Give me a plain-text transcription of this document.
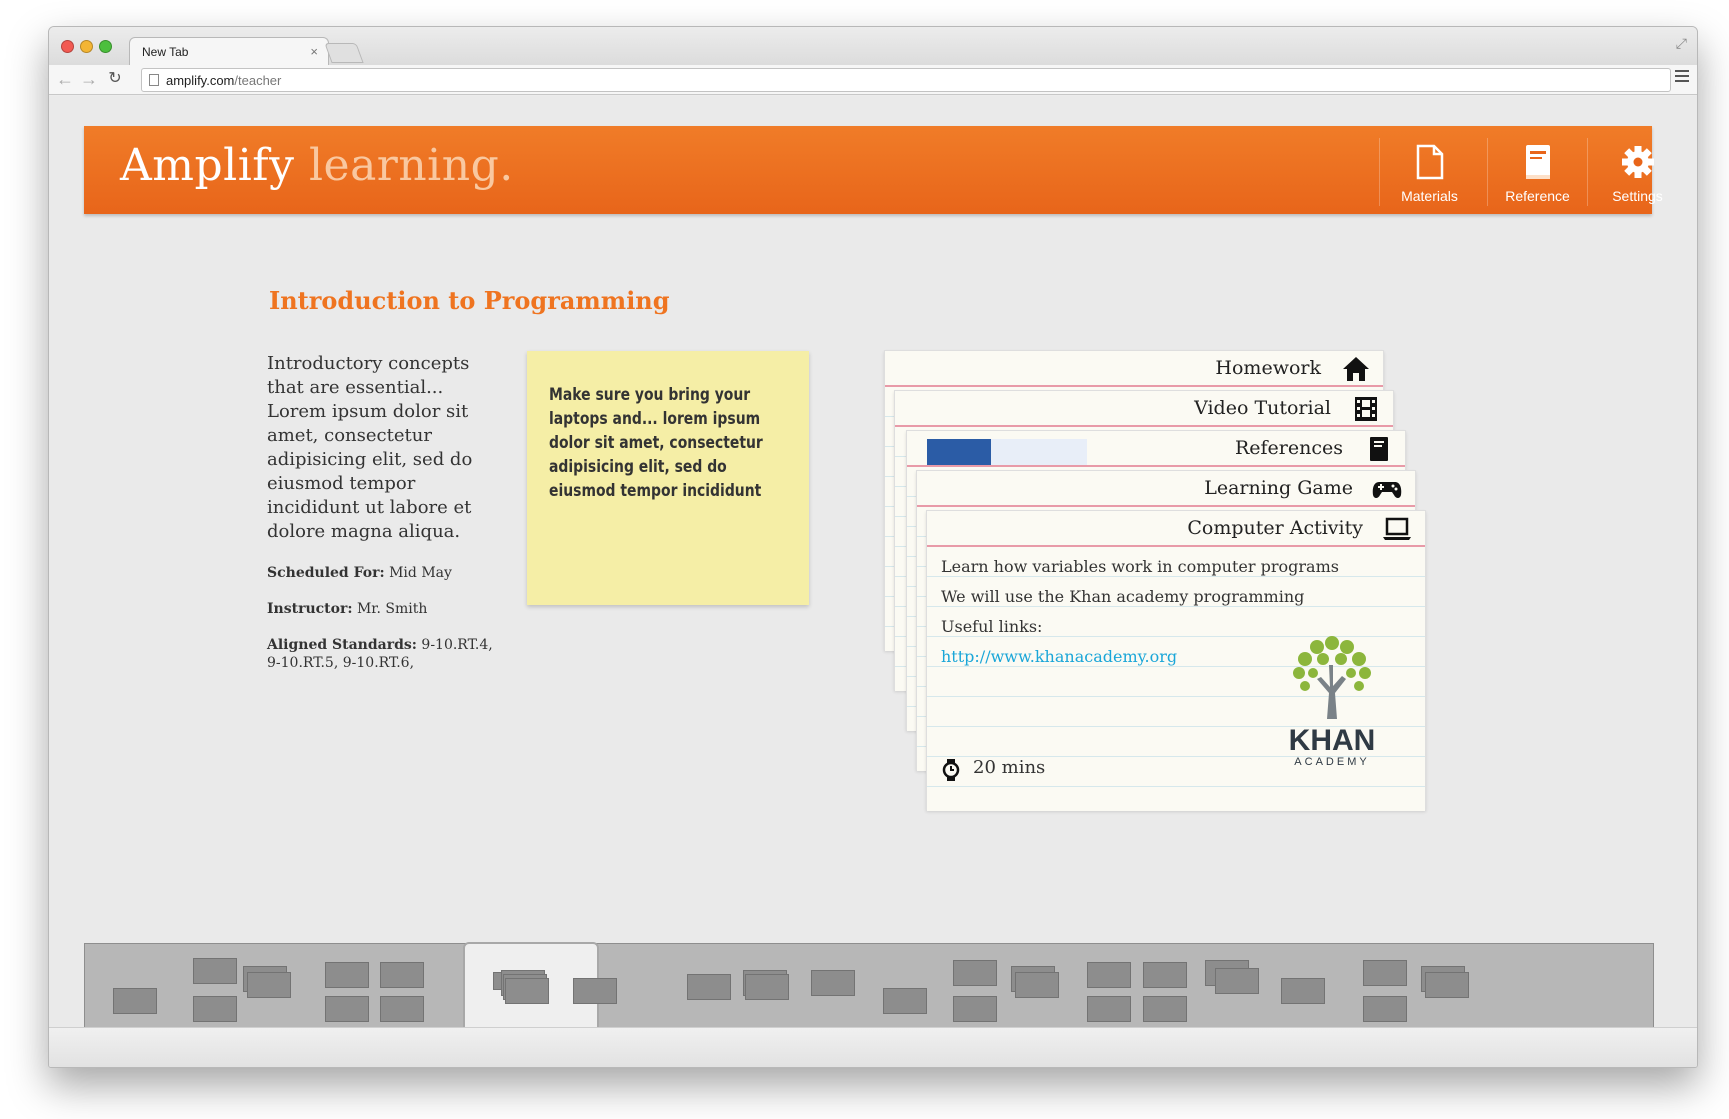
New Tab	×
⤢
← → ↻	amplify.com/teacher
Amplify learning.
Materials	Reference	Settings
Introduction to Programming

Introductory concepts that are essential... Lorem ipsum dolor sit amet, consectetur adipisicing elit, sed do eiusmod tempor incididunt ut labore et dolore magna aliqua.

Scheduled For: Mid May

Instructor: Mr. Smith

Aligned Standards: 9-10.RT.4, 9-10.RT.5, 9-10.RT.6,

Make sure you bring your laptops and... lorem ipsum dolor sit amet, consectetur adipisicing elit, sed do eiusmod tempor incididunt

Homework
Video Tutorial
References
Learning Game
Computer Activity
Learn how variables work in computer programs
We will use the Khan academy programming
Useful links:
http://www.khanacademy.org
KHAN
ACADEMY
20 mins
